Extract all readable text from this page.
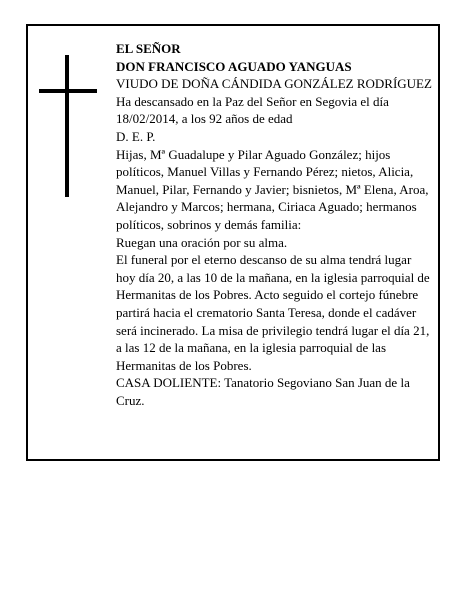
EL SEÑOR

DON FRANCISCO AGUADO YANGUAS

VIUDO DE DOÑA CÁNDIDA GONZÁLEZ RODRÍGUEZ

Ha descansado en la Paz del Señor en Segovia el día 18/02/2014, a los 92 años de edad

D. E. P.

Hijas, Mª Guadalupe y Pilar Aguado González; hijos políticos, Manuel Villas y Fernando Pérez; nietos, Alicia, Manuel, Pilar, Fernando y Javier; bisnietos, Mª Elena, Aroa, Alejandro y Marcos; hermana, Ciriaca Aguado; hermanos políticos, sobrinos y demás familia:

Ruegan una oración por su alma.

El funeral por el eterno descanso de su alma tendrá lugar hoy día 20, a las 10 de la mañana, en la iglesia parroquial de Hermanitas de los Pobres. Acto seguido el cortejo fúnebre partirá hacia el crematorio Santa Teresa, donde el cadáver será incinerado. La misa de privilegio tendrá lugar el día 21, a las 12 de la mañana, en la iglesia parroquial de las Hermanitas de los Pobres.

CASA DOLIENTE: Tanatorio Segoviano San Juan de la Cruz.
